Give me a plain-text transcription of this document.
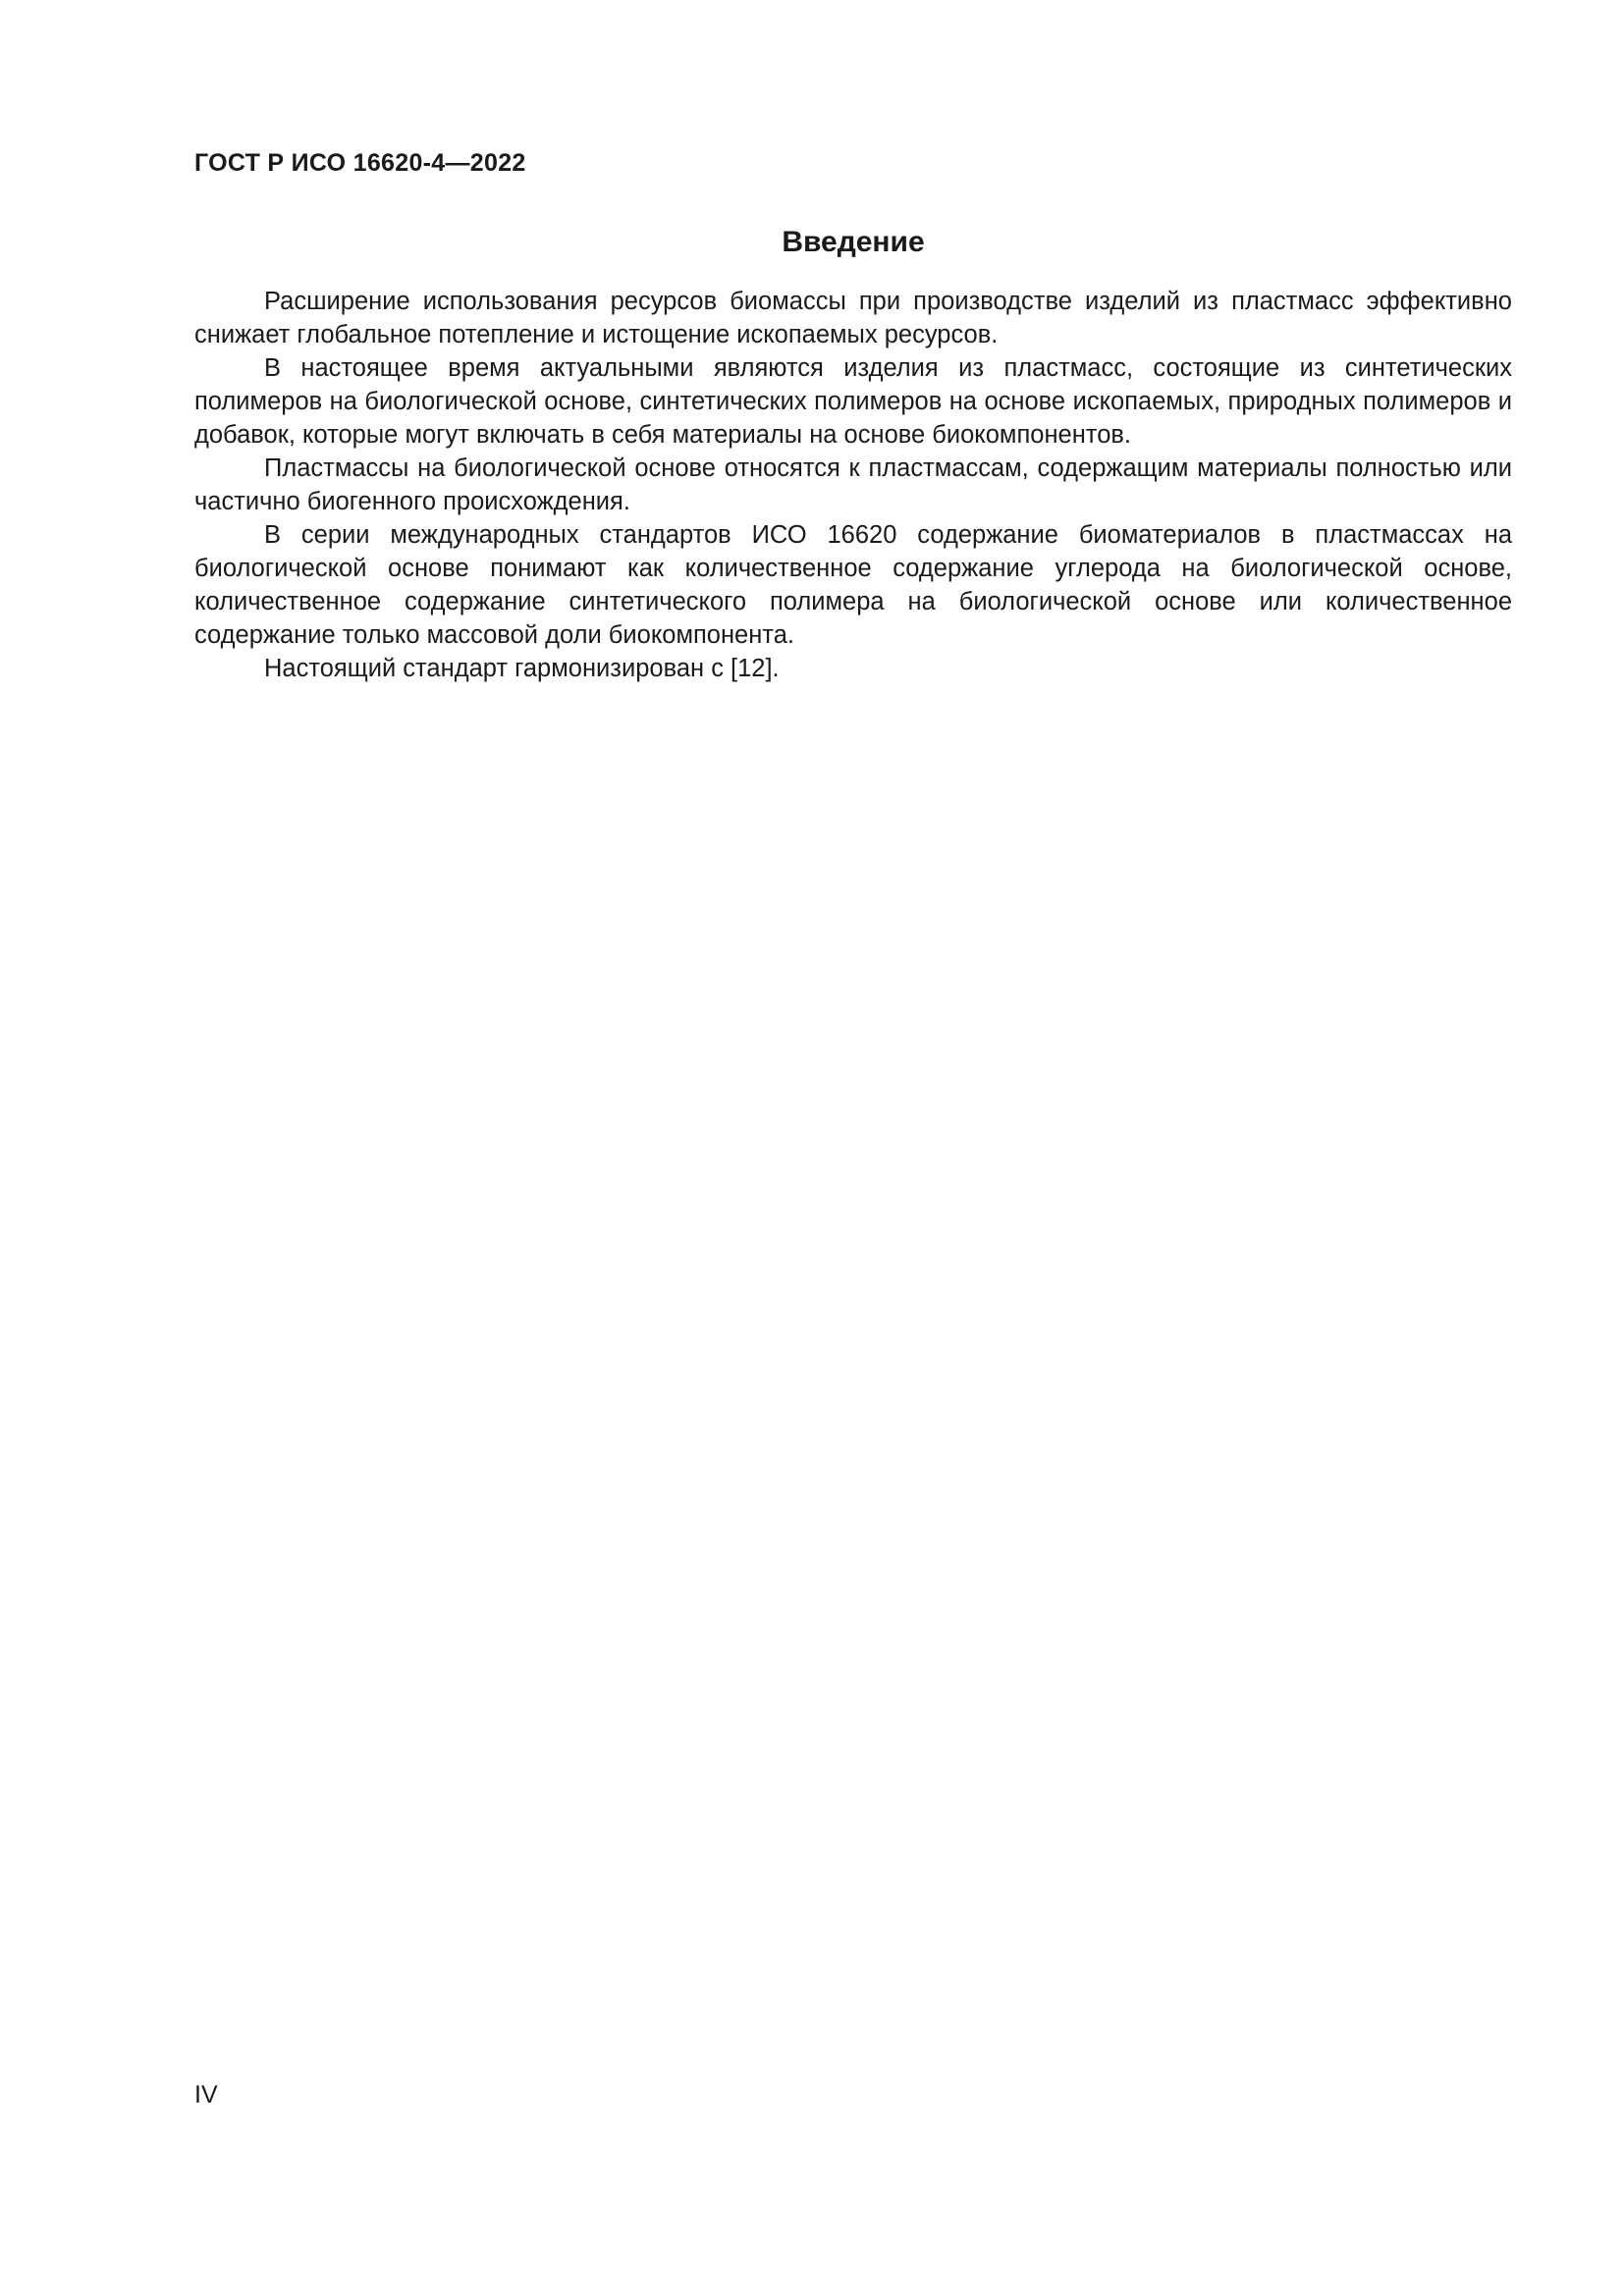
ГОСТ Р ИСО 16620-4—2022
Введение

Расширение использования ресурсов биомассы при производстве изделий из пластмасс эффективно снижает глобальное потепление и истощение ископаемых ресурсов.

В настоящее время актуальными являются изделия из пластмасс, состоящие из синтетических полимеров на биологической основе, синтетических полимеров на основе ископаемых, природных полимеров и добавок, которые могут включать в себя материалы на основе биокомпонентов.

Пластмассы на биологической основе относятся к пластмассам, содержащим материалы полностью или частично биогенного происхождения.

В серии международных стандартов ИСО 16620 содержание биоматериалов в пластмассах на биологической основе понимают как количественное содержание углерода на биологической основе, количественное содержание синтетического полимера на биологической основе или количественное содержание только массовой доли биокомпонента.

Настоящий стандарт гармонизирован с [12].

IV
